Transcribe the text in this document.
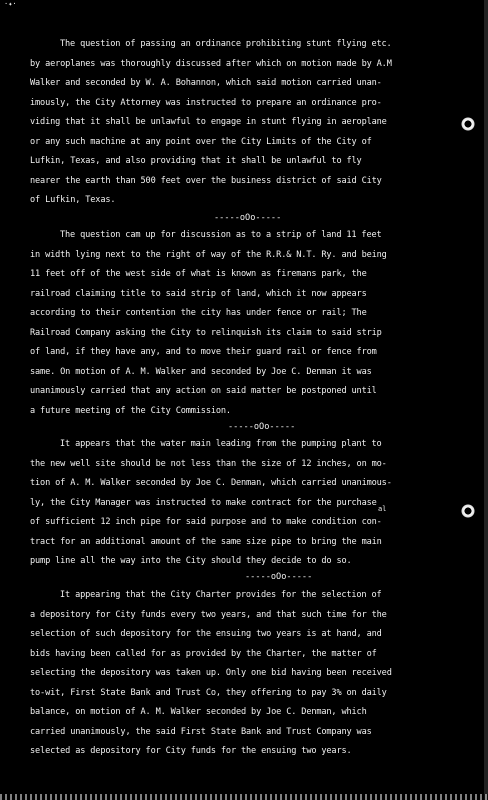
·✦·
The question of passing an ordinance prohibiting stunt flying etc.
by aeroplanes was thoroughly discussed after which on motion made by A.M
Walker and seconded by W. A. Bohannon, which said motion carried unan-
imously, the City Attorney was instructed to prepare an ordinance pro-
viding that it shall be unlawful to engage in stunt flying in aeroplane
or any such machine at any point over the City Limits of the City of
Lufkin, Texas, and also providing that it shall be unlawful to fly
nearer the earth than 500 feet over the business district of said City
of Lufkin, Texas.
-----oOo-----
The question cam up for discussion as to a strip of land 11 feet
in width lying next to the right of way of the R.R.& N.T. Ry. and being
11 feet off of the west side of what is known as firemans park, the
railroad claiming title to said strip of land, which it now appears
according to their contention the city has under fence or rail; The
Railroad Company asking the City to relinquish its claim to said strip
of land, if they have any, and to move their guard rail or fence from
same. On motion of A. M. Walker and seconded by Joe C. Denman it was
unanimously carried that any action on said matter be postponed until
a future meeting of the City Commission.
-----oOo-----
It appears that the water main leading from the pumping plant to
the new well site should be not less than the size of 12 inches, on mo-
tion of A. M. Walker seconded by Joe C. Denman, which carried unanimous-
ly, the City Manager was instructed to make contract for the purchase
of sufficient 12 inch pipe for said purpose and to make condition con-
tract for an additional amount of the same size pipe to bring the main
pump line all the way into the City should they decide to do so.
-----oOo-----
al
It appearing that the City Charter provides for the selection of
a depository for City funds every two years, and that such time for the
selection of such depository for the ensuing two years is at hand, and
bids having been called for as provided by the Charter, the matter of
selecting the depository was taken up. Only one bid having been received
to-wit, First State Bank and Trust Co, they offering to pay 3% on daily
balance, on motion of A. M. Walker seconded by Joe C. Denman, which
carried unanimously, the said First State Bank and Trust Company was
selected as depository for City funds for the ensuing two years.
